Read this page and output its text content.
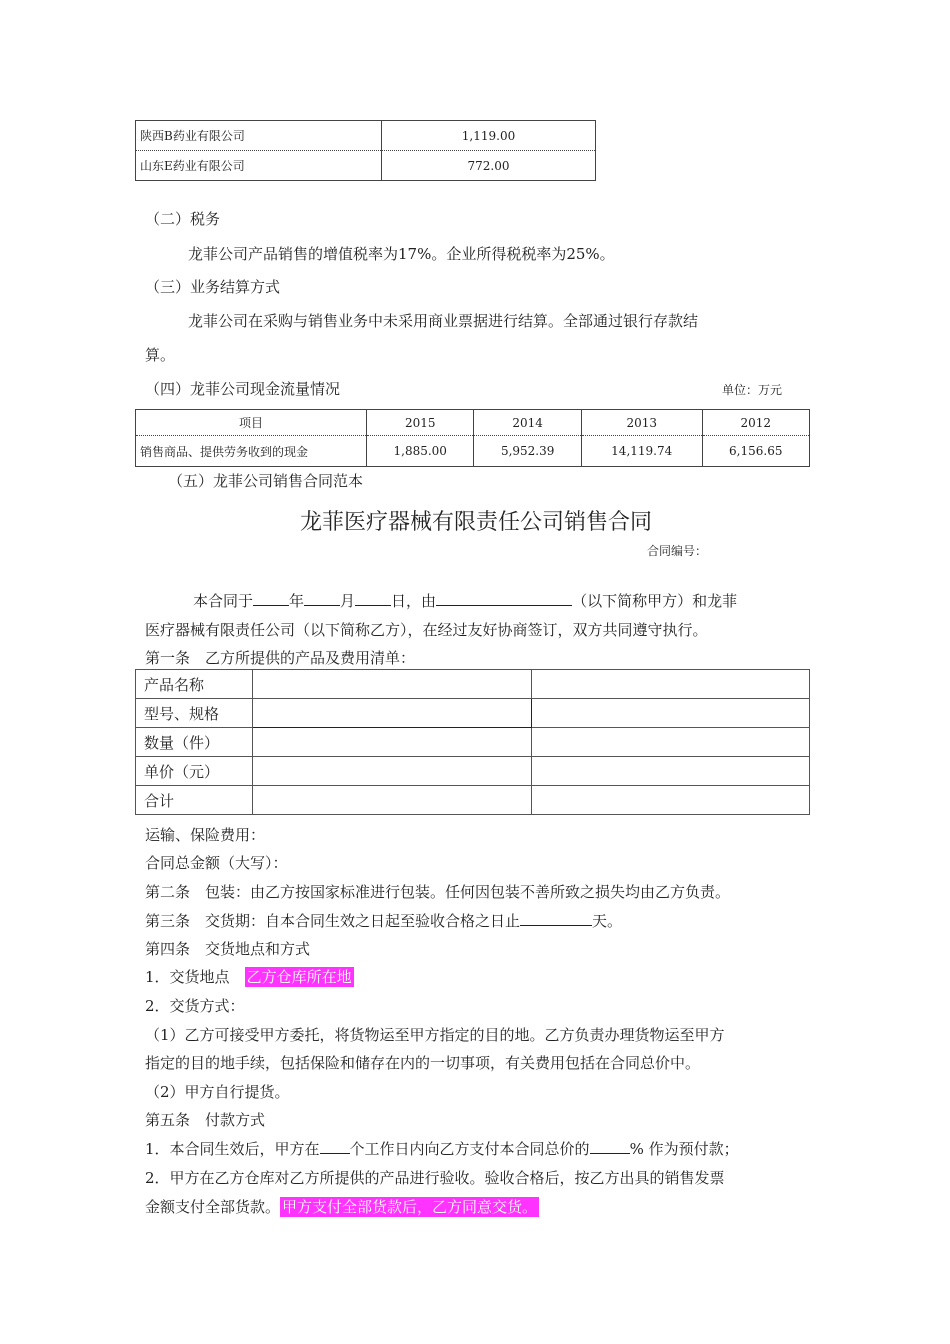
陕西B药业有限公司	1,119.00
山东E药业有限公司	772.00
（二）税务
龙菲公司产品销售的增值税率为17%。企业所得税税率为25%。
（三）业务结算方式
龙菲公司在采购与销售业务中未采用商业票据进行结算。全部通过银行存款结
算。
（四）龙菲公司现金流量情况	单位：万元
项目	2015	2014	2013	2012
销售商品、提供劳务收到的现金	1,885.00	5,952.39	14,119.74	6,156.65
（五）龙菲公司销售合同范本
龙菲医疗器械有限责任公司销售合同
合同编号：
本合同于 年 月 日，由	（以下简称甲方）和龙菲
医疗器械有限责任公司（以下简称乙方），在经过友好协商签订，双方共同遵守执行。
第一条　乙方所提供的产品及费用清单：
产品名称		
型号、规格		
数量（件）		
单价（元）		
合计		
运输、保险费用：
合同总金额（大写）：
第二条　包装：由乙方按国家标准进行包装。任何因包装不善所致之损失均由乙方负责。
第三条　交货期：自本合同生效之日起至验收合格之日止	天。
第四条　交货地点和方式
1．交货地点　 乙方仓库所在地
2．交货方式：
（1）乙方可接受甲方委托，将货物运至甲方指定的目的地。乙方负责办理货物运至甲方
指定的目的地手续，包括保险和储存在内的一切事项，有关费用包括在合同总价中。
（2）甲方自行提货。
第五条　付款方式
1．本合同生效后，甲方在 个工作日内向乙方支付本合同总价的	% 作为预付款；
2．甲方在乙方仓库对乙方所提供的产品进行验收。验收合格后，按乙方出具的销售发票
金额支付全部货款。 甲方支付全部货款后，乙方同意交货。
